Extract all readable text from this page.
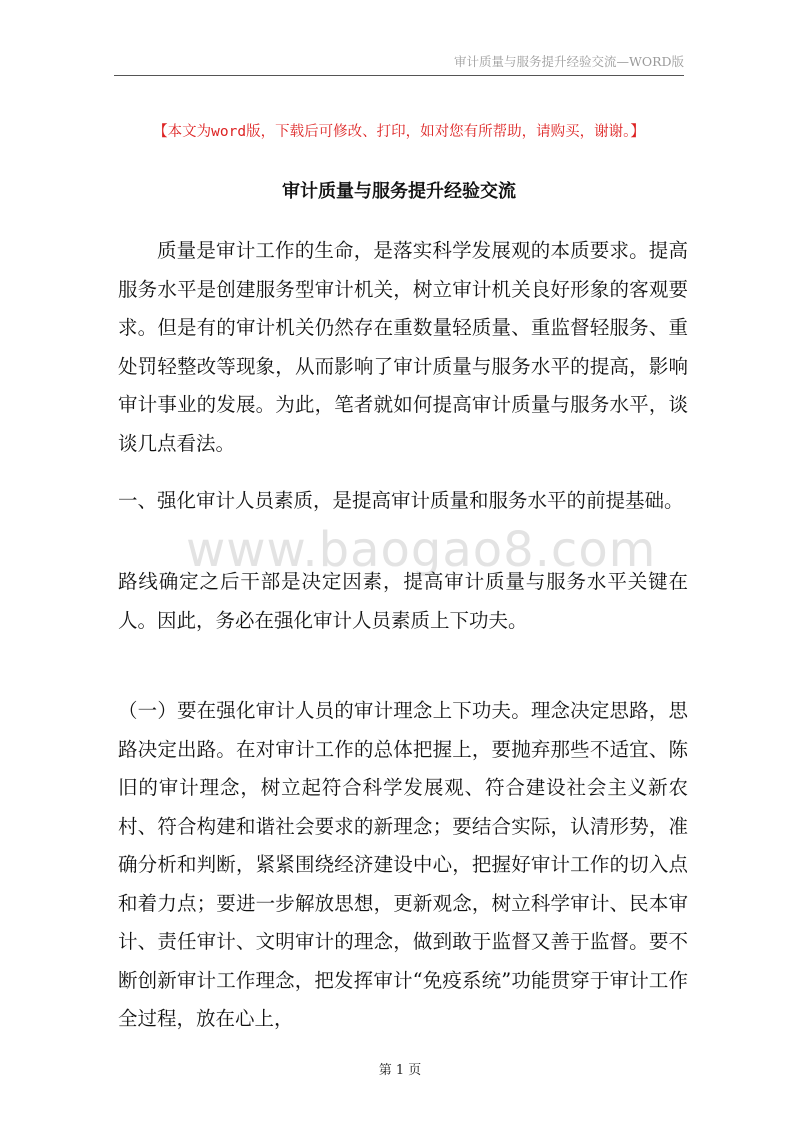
审计质量与服务提升经验交流—WORD版
【本文为word版，下载后可修改、打印，如对您有所帮助，请购买，谢谢。】
审计质量与服务提升经验交流
质量是审计工作的生命，是落实科学发展观的本质要求。提高服务水平是创建服务型审计机关，树立审计机关良好形象的客观要求。但是有的审计机关仍然存在重数量轻质量、重监督轻服务、重处罚轻整改等现象，从而影响了审计质量与服务水平的提高，影响审计事业的发展。为此，笔者就如何提高审计质量与服务水平，谈谈几点看法。
一、强化审计人员素质，是提高审计质量和服务水平的前提基础。
www.baogao8.com
路线确定之后干部是决定因素，提高审计质量与服务水平关键在人。因此，务必在强化审计人员素质上下功夫。
（一）要在强化审计人员的审计理念上下功夫。理念决定思路，思路决定出路。在对审计工作的总体把握上，要抛弃那些不适宜、陈旧的审计理念，树立起符合科学发展观、符合建设社会主义新农村、符合构建和谐社会要求的新理念；要结合实际，认清形势，准确分析和判断，紧紧围绕经济建设中心，把握好审计工作的切入点和着力点；要进一步解放思想，更新观念，树立科学审计、民本审计、责任审计、文明审计的理念，做到敢于监督又善于监督。要不断创新审计工作理念，把发挥审计“免疫系统”功能贯穿于审计工作全过程，放在心上，
第 1 页
